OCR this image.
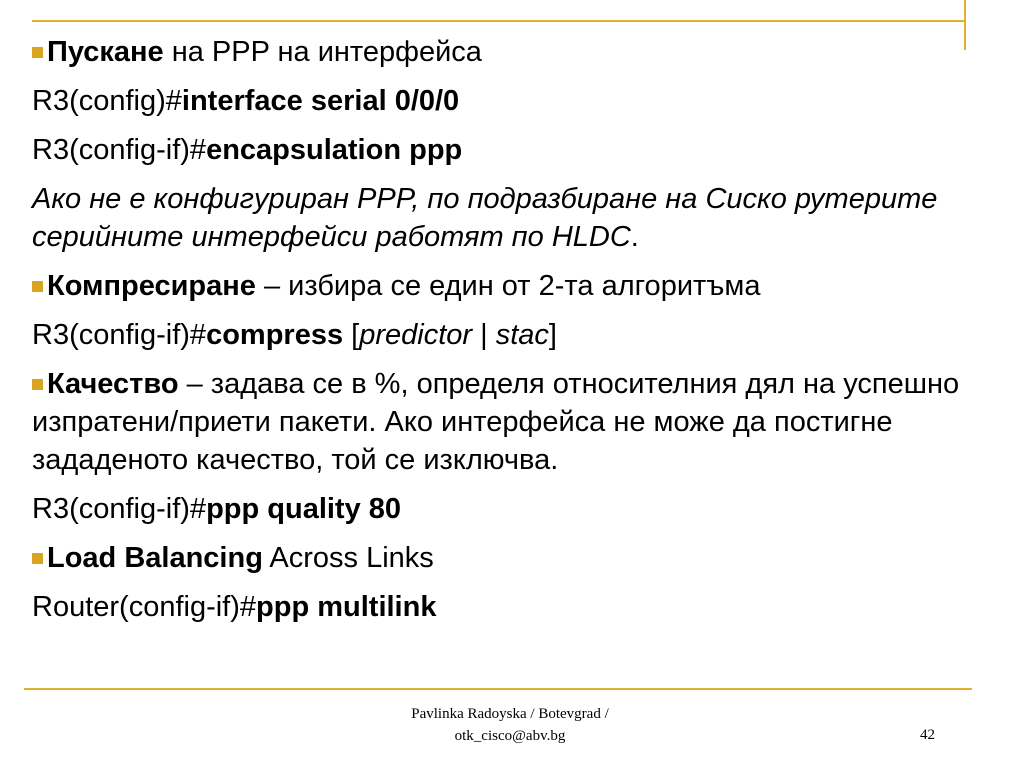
Пускане на PPP на интерфейса
R3(config)#interface serial 0/0/0
R3(config-if)#encapsulation ppp
Ако не е конфигуриран PPP, по подразбиране на Сиско рутерите серийните интерфейси работят по HLDC.
Компресиране – избира се един от 2-та алгоритъма
R3(config-if)#compress [predictor | stac]
Качество – задава се в %, определя относителния дял на успешно изпратени/приети пакети. Ако интерфейса не може да постигне зададеното качество, той се изключва.
R3(config-if)#ppp quality 80
Load Balancing Across Links
Router(config-if)#ppp multilink
Pavlinka Radoyska / Botevgrad /
otk_cisco@abv.bg	42
